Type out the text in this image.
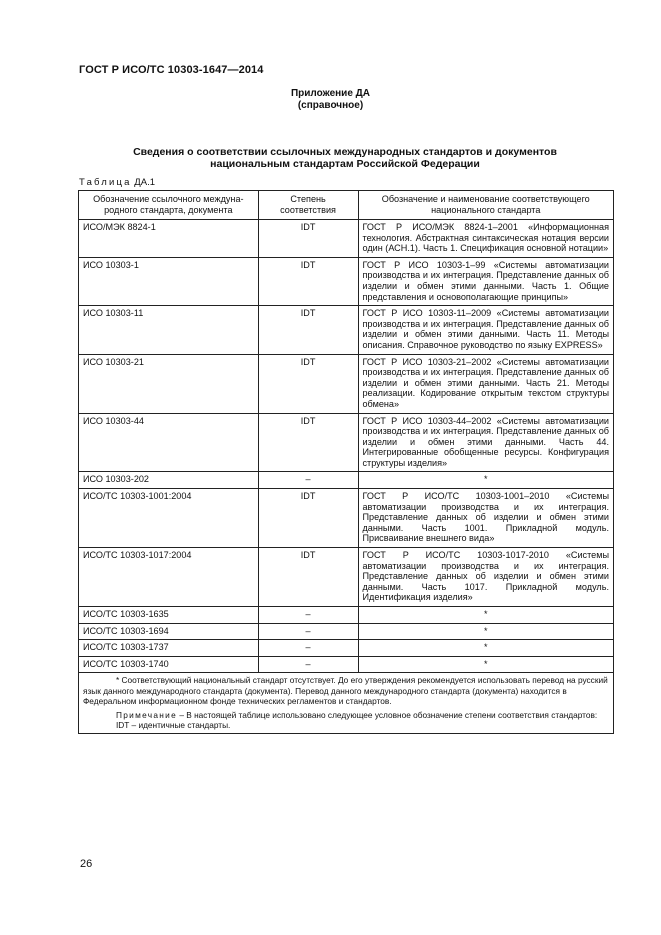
ГОСТ Р ИСО/ТС 10303-1647—2014
Приложение ДА
(справочное)
Сведения о соответствии ссылочных международных стандартов и документов национальным стандартам Российской Федерации
Таблица ДА.1
Обозначение ссылочного междуна-родного стандарта, документа	Степень соответствия	Обозначение и наименование соответствующего национального стандарта
ИСО/МЭК 8824-1	IDT	ГОСТ Р ИСО/МЭК 8824-1–2001 «Информационная технология. Абстрактная синтаксическая нотация версии один (АСН.1). Часть 1. Спецификация основной нотации»
ИСО 10303-1	IDT	ГОСТ Р ИСО 10303-1–99 «Системы автоматизации производства и их интеграция. Представление данных об изделии и обмен этими данными. Часть 1. Общие представления и основополагающие принципы»
ИСО 10303-11	IDT	ГОСТ Р ИСО 10303-11–2009 «Системы автоматизации производства и их интеграция. Представление данных об изделии и обмен этими данными. Часть 11. Методы описания. Справочное руководство по языку EXPRESS»
ИСО 10303-21	IDT	ГОСТ Р ИСО 10303-21–2002 «Системы автоматизации производства и их интеграция. Представление данных об изделии и обмен этими данными. Часть 21. Методы реализации. Кодирование открытым текстом структуры обмена»
ИСО 10303-44	IDT	ГОСТ Р ИСО 10303-44–2002 «Системы автоматизации производства и их интеграция. Представление данных об изделии и обмен этими данными. Часть 44. Интегрированные обобщенные ресурсы. Конфигурация структуры изделия»
ИСО 10303-202	–	*
ИСО/ТС 10303-1001:2004	IDT	ГОСТ Р ИСО/ТС 10303-1001–2010 «Системы автоматизации производства и их интеграция. Представление данных об изделии и обмен этими данными. Часть 1001. Прикладной модуль. Присваивание внешнего вида»
ИСО/ТС 10303-1017:2004	IDT	ГОСТ Р ИСО/ТС 10303-1017-2010 «Системы автоматизации производства и их интеграция. Представление данных об изделии и обмен этими данными. Часть 1017. Прикладной модуль. Идентификация изделия»
ИСО/ТС 10303-1635	–	*
ИСО/ТС 10303-1694	–	*
ИСО/ТС 10303-1737	–	*
ИСО/ТС 10303-1740	–	*

* Соответствующий национальный стандарт отсутствует. До его утверждения рекомендуется использовать перевод на русский язык данного международного стандарта (документа). Перевод данного международного стандарта (документа) находится в Федеральном информационном фонде технических регламентов и стандартов.

Примечание – В настоящей таблице использовано следующее условное обозначение степени соответствия стандартов:

IDT – идентичные стандарты.		

26
